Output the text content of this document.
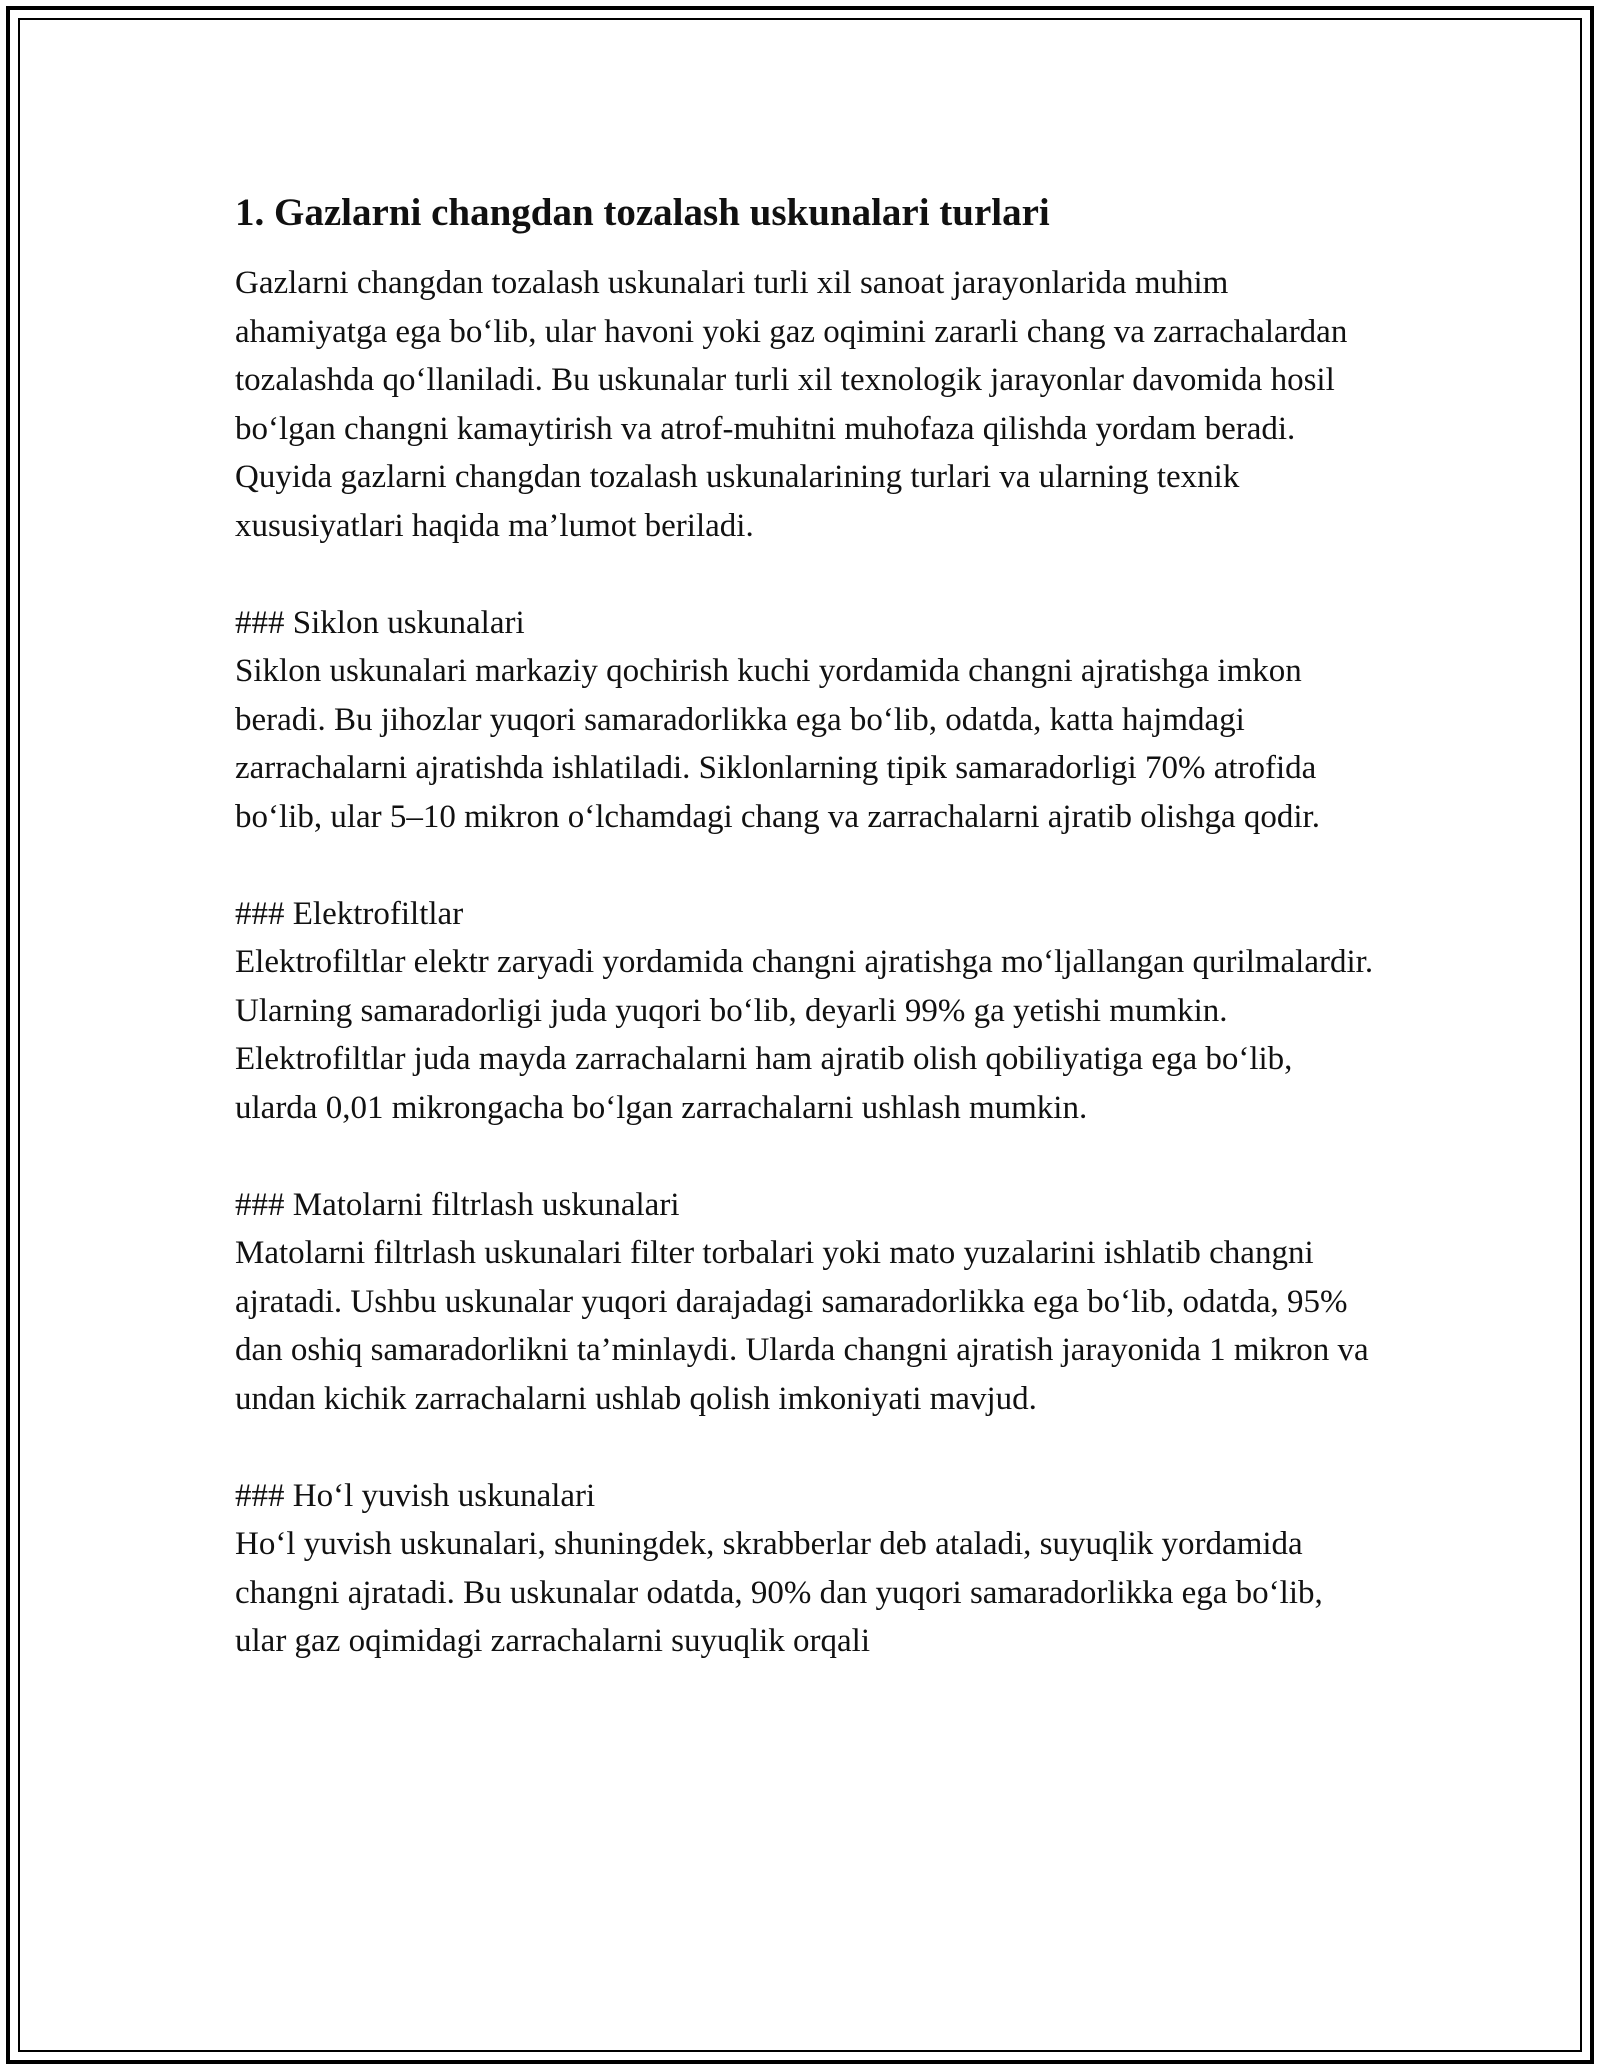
1. Gazlarni changdan tozalash uskunalari turlari

Gazlarni changdan tozalash uskunalari turli xil sanoat jarayonlarida muhim ahamiyatga ega bo‘lib, ular havoni yoki gaz oqimini zararli chang va zarrachalardan tozalashda qo‘llaniladi. Bu uskunalar turli xil texnologik jarayonlar davomida hosil bo‘lgan changni kamaytirish va atrof-muhitni muhofaza qilishda yordam beradi. Quyida gazlarni changdan tozalash uskunalarining turlari va ularning texnik xususiyatlari haqida ma’lumot beriladi.

### Siklon uskunalari

Siklon uskunalari markaziy qochirish kuchi yordamida changni ajratishga imkon beradi. Bu jihozlar yuqori samaradorlikka ega bo‘lib, odatda, katta hajmdagi zarrachalarni ajratishda ishlatiladi. Siklonlarning tipik samaradorligi 70% atrofida bo‘lib, ular 5–10 mikron o‘lchamdagi chang va zarrachalarni ajratib olishga qodir.

### Elektrofiltlar

Elektrofiltlar elektr zaryadi yordamida changni ajratishga mo‘ljallangan qurilmalardir. Ularning samaradorligi juda yuqori bo‘lib, deyarli 99% ga yetishi mumkin. Elektrofiltlar juda mayda zarrachalarni ham ajratib olish qobiliyatiga ega bo‘lib, ularda 0,01 mikrongacha bo‘lgan zarrachalarni ushlash mumkin.

### Matolarni filtrlash uskunalari

Matolarni filtrlash uskunalari filter torbalari yoki mato yuzalarini ishlatib changni ajratadi. Ushbu uskunalar yuqori darajadagi samaradorlikka ega bo‘lib, odatda, 95% dan oshiq samaradorlikni ta’minlaydi. Ularda changni ajratish jarayonida 1 mikron va undan kichik zarrachalarni ushlab qolish imkoniyati mavjud.

### Ho‘l yuvish uskunalari

Ho‘l yuvish uskunalari, shuningdek, skrabberlar deb ataladi, suyuqlik yordamida changni ajratadi. Bu uskunalar odatda, 90% dan yuqori samaradorlikka ega bo‘lib, ular gaz oqimidagi zarrachalarni suyuqlik orqali
